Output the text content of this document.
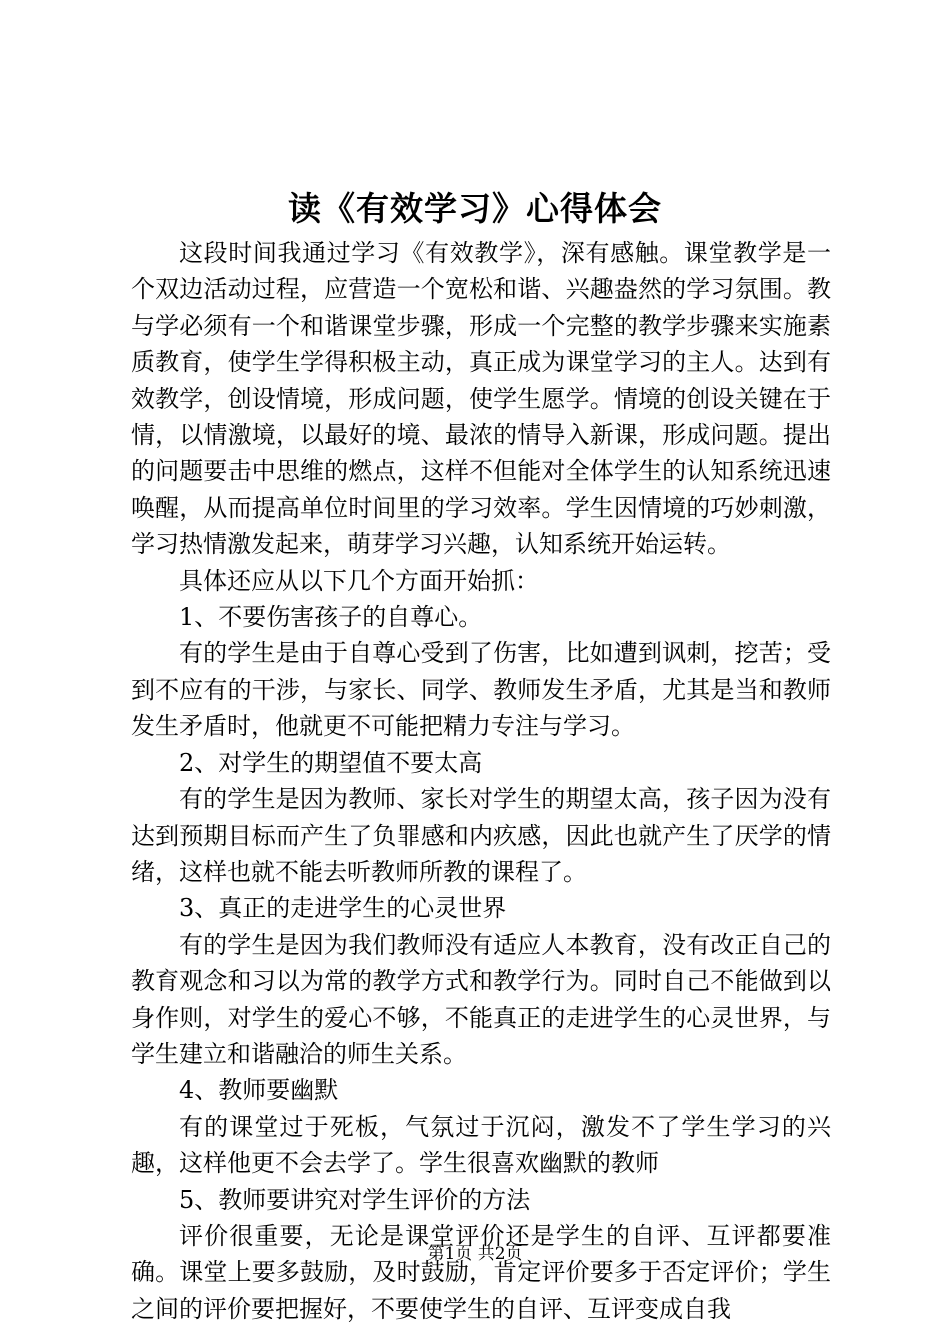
读《有效学习》心得体会

这段时间我通过学习《有效教学》，深有感触。课堂教学是一个双边活动过程，应营造一个宽松和谐、兴趣盎然的学习氛围。教与学必须有一个和谐课堂步骤，形成一个完整的教学步骤来实施素质教育，使学生学得积极主动，真正成为课堂学习的主人。达到有效教学，创设情境，形成问题，使学生愿学。情境的创设关键在于情，以情激境，以最好的境、最浓的情导入新课，形成问题。提出的问题要击中思维的燃点，这样不但能对全体学生的认知系统迅速唤醒，从而提高单位时间里的学习效率。学生因情境的巧妙刺激，学习热情激发起来，萌芽学习兴趣，认知系统开始运转。

具体还应从以下几个方面开始抓：

1、不要伤害孩子的自尊心。

有的学生是由于自尊心受到了伤害，比如遭到讽刺，挖苦；受到不应有的干涉，与家长、同学、教师发生矛盾，尤其是当和教师发生矛盾时，他就更不可能把精力专注与学习。

2、对学生的期望值不要太高

有的学生是因为教师、家长对学生的期望太高，孩子因为没有达到预期目标而产生了负罪感和内疚感，因此也就产生了厌学的情绪，这样也就不能去听教师所教的课程了。

3、真正的走进学生的心灵世界

有的学生是因为我们教师没有适应人本教育，没有改正自己的教育观念和习以为常的教学方式和教学行为。同时自己不能做到以身作则，对学生的爱心不够，不能真正的走进学生的心灵世界，与学生建立和谐融洽的师生关系。

4、教师要幽默

有的课堂过于死板，气氛过于沉闷，激发不了学生学习的兴趣，这样他更不会去学了。学生很喜欢幽默的教师

5、教师要讲究对学生评价的方法

评价很重要，无论是课堂评价还是学生的自评、互评都要准确。课堂上要多鼓励，及时鼓励，肯定评价要多于否定评价；学生之间的评价要把握好，不要使学生的自评、互评变成自我

第1页 共2页
